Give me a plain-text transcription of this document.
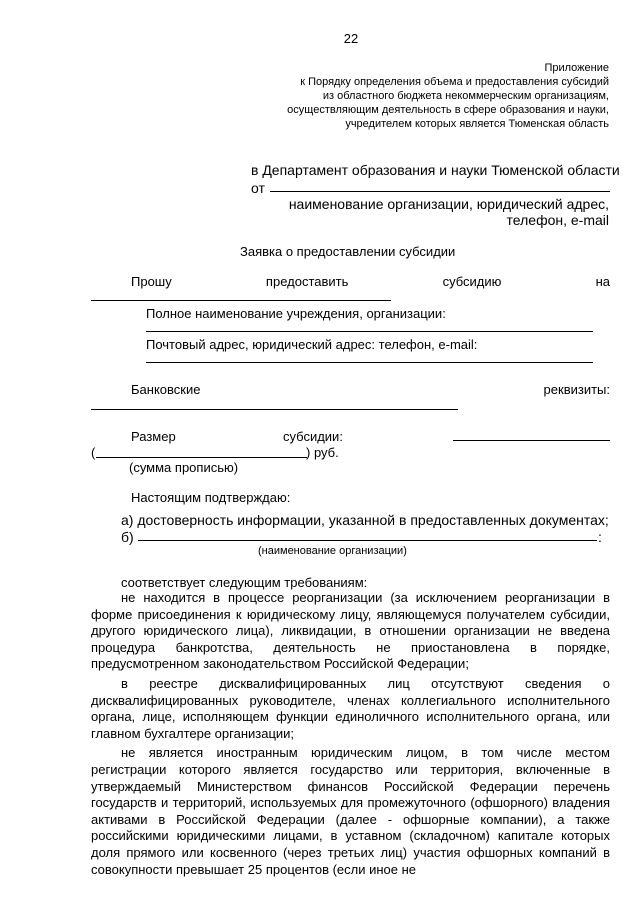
22
Приложение
к Порядку определения объема и предоставления субсидий
из областного бюджета некоммерческим организациям,
осуществляющим деятельность в сфере образования и науки,
учредителем которых является Тюменская область
в Департамент образования и науки Тюменской области
от
наименование организации, юридический адрес,
телефон, e-mail
Заявка о предоставлении субсидии
Прошу	предоставить	субсидию	на
Полное наименование учреждения, организации:
Почтовый адрес, юридический адрес: телефон, e-mail:
Банковские	реквизиты:
Размер	субсидии:
(	) руб.
(сумма прописью)
Настоящим подтверждаю:
а) достоверность информации, указанной в предоставленных документах;
б)	:
(наименование организации)
соответствует следующим требованиям:

не находится в процессе реорганизации (за исключением реорганизации в форме присоединения к юридическому лицу, являющемуся получателем субсидии, другого юридического лица), ликвидации, в отношении организации не введена процедура банкротства, деятельность не приостановлена в порядке, предусмотренном законодательством Российской Федерации;

в реестре дисквалифицированных лиц отсутствуют сведения о дисквалифицированных руководителе, членах коллегиального исполнительного органа, лице, исполняющем функции единоличного исполнительного органа, или главном бухгалтере организации;

не является иностранным юридическим лицом, в том числе местом регистрации которого является государство или территория, включенные в утверждаемый Министерством финансов Российской Федерации перечень государств и территорий, используемых для промежуточного (офшорного) владения активами в Российской Федерации (далее - офшорные компании), а также российскими юридическими лицами, в уставном (складочном) капитале которых доля прямого или косвенного (через третьих лиц) участия офшорных компаний в совокупности превышает 25 процентов (если иное не
